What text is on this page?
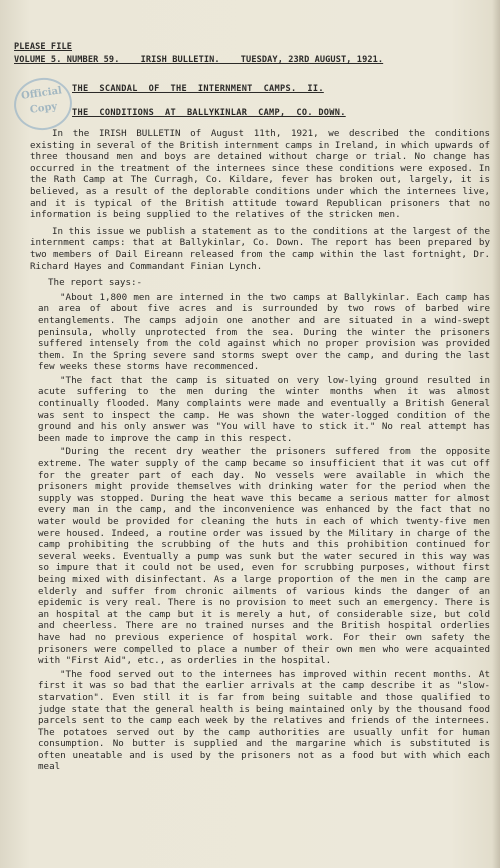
PLEASE FILE
VOLUME 5. NUMBER 59.    IRISH BULLETIN.    TUESDAY, 23RD AUGUST, 1921.
Official
Copy
THE  SCANDAL  OF  THE  INTERNMENT  CAMPS.  II.
THE  CONDITIONS  AT  BALLYKINLAR  CAMP,  CO. DOWN.

In the IRISH BULLETIN of August 11th, 1921, we described the conditions existing in several of the British internment camps in Ireland, in which upwards of three thousand men and boys are detained without charge or trial. No change has occurred in the treatment of the internees since these conditions were exposed. In the Rath Camp at The Curragh, Co. Kildare, fever has broken out, largely, it is believed, as a result of the deplorable conditions under which the internees live, and it is typical of the British attitude toward Republican prisoners that no information is being supplied to the relatives of the stricken men.

In this issue we publish a statement as to the conditions at the largest of the internment camps: that at Ballykinlar, Co. Down. The report has been prepared by two members of Dail Eireann released from the camp within the last fortnight, Dr. Richard Hayes and Commandant Finian Lynch.

The report says:-

"About 1,800 men are interned in the two camps at Ballykinlar. Each camp has an area of about five acres and is surrounded by two rows of barbed wire entanglements. The camps adjoin one another and are situated in a wind-swept peninsula, wholly unprotected from the sea. During the winter the prisoners suffered intensely from the cold against which no proper provision was provided them. In the Spring severe sand storms swept over the camp, and during the last few weeks these storms have recommenced.

"The fact that the camp is situated on very low-lying ground resulted in acute suffering to the men during the winter months when it was almost continually flooded. Many complaints were made and eventually a British General was sent to inspect the camp. He was shown the water-logged condition of the ground and his only answer was "You will have to stick it." No real attempt has been made to improve the camp in this respect.

"During the recent dry weather the prisoners suffered from the opposite extreme. The water supply of the camp became so insufficient that it was cut off for the greater part of each day. No vessels were available in which the prisoners might provide themselves with drinking water for the period when the supply was stopped. During the heat wave this became a serious matter for almost every man in the camp, and the inconvenience was enhanced by the fact that no water would be provided for cleaning the huts in each of which twenty-five men were housed. Indeed, a routine order was issued by the Military in charge of the camp prohibiting the scrubbing of the huts and this prohibition continued for several weeks. Eventually a pump was sunk but the water secured in this way was so impure that it could not be used, even for scrubbing purposes, without first being mixed with disinfectant. As a large proportion of the men in the camp are elderly and suffer from chronic ailments of various kinds the danger of an epidemic is very real. There is no provision to meet such an emergency. There is an hospital at the camp but it is merely a hut, of considerable size, but cold and cheerless. There are no trained nurses and the British hospital orderlies have had no previous experience of hospital work. For their own safety the prisoners were compelled to place a number of their own men who were acquainted with "First Aid", etc., as orderlies in the hospital.

"The food served out to the internees has improved within recent months. At first it was so bad that the earlier arrivals at the camp describe it as "slow-starvation". Even still it is far from being suitable and those qualified to judge state that the general health is being maintained only by the thousand food parcels sent to the camp each week by the relatives and friends of the internees. The potatoes served out by the camp authorities are usually unfit for human consumption. No butter is supplied and the margarine which is substituted is often uneatable and is used by the prisoners not as a food but with which each meal
